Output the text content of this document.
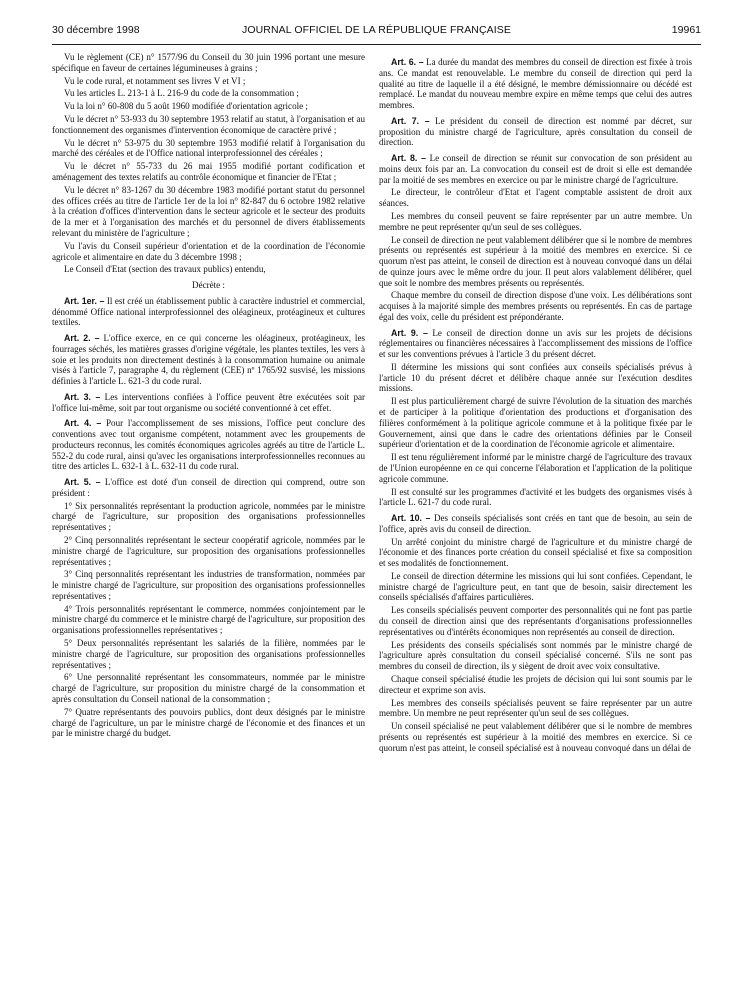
30 décembre 1998	JOURNAL OFFICIEL DE LA RÉPUBLIQUE FRANÇAISE	19961

Vu le règlement (CE) n° 1577/96 du Conseil du 30 juin 1996 portant une mesure spécifique en faveur de certaines légumineuses à grains ;

Vu le code rural, et notamment ses livres V et VI ;

Vu les articles L. 213-1 à L. 216-9 du code de la consommation ;

Vu la loi n° 60-808 du 5 août 1960 modifiée d'orientation agricole ;

Vu le décret n° 53-933 du 30 septembre 1953 relatif au statut, à l'organisation et au fonctionnement des organismes d'intervention économique de caractère privé ;

Vu le décret n° 53-975 du 30 septembre 1953 modifié relatif à l'organisation du marché des céréales et de l'Office national interprofessionnel des céréales ;

Vu le décret n° 55-733 du 26 mai 1955 modifié portant codification et aménagement des textes relatifs au contrôle économique et financier de l'Etat ;

Vu le décret n° 83-1267 du 30 décembre 1983 modifié portant statut du personnel des offices créés au titre de l'article 1er de la loi n° 82-847 du 6 octobre 1982 relative à la création d'offices d'intervention dans le secteur agricole et le secteur des produits de la mer et à l'organisation des marchés et du personnel de divers établissements relevant du ministère de l'agriculture ;

Vu l'avis du Conseil supérieur d'orientation et de la coordination de l'économie agricole et alimentaire en date du 3 décembre 1998 ;

Le Conseil d'Etat (section des travaux publics) entendu,

Décrète :

Art. 1er. – Il est créé un établissement public à caractère industriel et commercial, dénommé Office national interprofessionnel des oléagineux, protéagineux et cultures textiles.

Art. 2. – L'office exerce, en ce qui concerne les oléagineux, protéagineux, les fourrages séchés, les matières grasses d'origine végétale, les plantes textiles, les vers à soie et les produits non directement destinés à la consommation humaine ou animale visés à l'article 7, paragraphe 4, du règlement (CEE) nº 1765/92 susvisé, les missions définies à l'article L. 621-3 du code rural.

Art. 3. – Les interventions confiées à l'office peuvent être exécutées soit par l'office lui-même, soit par tout organisme ou société conventionné à cet effet.

Art. 4. – Pour l'accomplissement de ses missions, l'office peut conclure des conventions avec tout organisme compétent, notamment avec les groupements de producteurs reconnus, les comités économiques agricoles agréés au titre de l'article L. 552-2 du code rural, ainsi qu'avec les organisations interprofessionnelles reconnues au titre des articles L. 632-1 à L. 632-11 du code rural.

Art. 5. – L'office est doté d'un conseil de direction qui comprend, outre son président :

1° Six personnalités représentant la production agricole, nommées par le ministre chargé de l'agriculture, sur proposition des organisations professionnelles représentatives ;

2° Cinq personnalités représentant le secteur coopératif agricole, nommées par le ministre chargé de l'agriculture, sur proposition des organisations professionnelles représentatives ;

3° Cinq personnalités représentant les industries de transformation, nommées par le ministre chargé de l'agriculture, sur proposition des organisations professionnelles représentatives ;

4° Trois personnalités représentant le commerce, nommées conjointement par le ministre chargé du commerce et le ministre chargé de l'agriculture, sur proposition des organisations professionnelles représentatives ;

5° Deux personnalités représentant les salariés de la filière, nommées par le ministre chargé de l'agriculture, sur proposition des organisations professionnelles représentatives ;

6° Une personnalité représentant les consommateurs, nommée par le ministre chargé de l'agriculture, sur proposition du ministre chargé de la consommation et après consultation du Conseil national de la consommation ;

7° Quatre représentants des pouvoirs publics, dont deux désignés par le ministre chargé de l'agriculture, un par le ministre chargé de l'économie et des finances et un par le ministre chargé du budget.

Art. 6. – La durée du mandat des membres du conseil de direction est fixée à trois ans. Ce mandat est renouvelable. Le membre du conseil de direction qui perd la qualité au titre de laquelle il a été désigné, le membre démissionnaire ou décédé est remplacé. Le mandat du nouveau membre expire en même temps que celui des autres membres.

Art. 7. – Le président du conseil de direction est nommé par décret, sur proposition du ministre chargé de l'agriculture, après consultation du conseil de direction.

Art. 8. – Le conseil de direction se réunit sur convocation de son président au moins deux fois par an. La convocation du conseil est de droit si elle est demandée par la moitié de ses membres en exercice ou par le ministre chargé de l'agriculture.

Le directeur, le contrôleur d'Etat et l'agent comptable assistent de droit aux séances.

Les membres du conseil peuvent se faire représenter par un autre membre. Un membre ne peut représenter qu'un seul de ses collègues.

Le conseil de direction ne peut valablement délibérer que si le nombre de membres présents ou représentés est supérieur à la moitié des membres en exercice. Si ce quorum n'est pas atteint, le conseil de direction est à nouveau convoqué dans un délai de quinze jours avec le même ordre du jour. Il peut alors valablement délibérer, quel que soit le nombre des membres présents ou représentés.

Chaque membre du conseil de direction dispose d'une voix. Les délibérations sont acquises à la majorité simple des membres présents ou représentés. En cas de partage égal des voix, celle du président est prépondérante.

Art. 9. – Le conseil de direction donne un avis sur les projets de décisions réglementaires ou financières nécessaires à l'accomplissement des missions de l'office et sur les conventions prévues à l'article 3 du présent décret.

Il détermine les missions qui sont confiées aux conseils spécialisés prévus à l'article 10 du présent décret et délibère chaque année sur l'exécution desdites missions.

Il est plus particulièrement chargé de suivre l'évolution de la situation des marchés et de participer à la politique d'orientation des productions et d'organisation des filières conformément à la politique agricole commune et à la politique fixée par le Gouvernement, ainsi que dans le cadre des orientations définies par le Conseil supérieur d'orientation et de la coordination de l'économie agricole et alimentaire.

Il est tenu régulièrement informé par le ministre chargé de l'agriculture des travaux de l'Union européenne en ce qui concerne l'élaboration et l'application de la politique agricole commune.

Il est consulté sur les programmes d'activité et les budgets des organismes visés à l'article L. 621-7 du code rural.

Art. 10. – Des conseils spécialisés sont créés en tant que de besoin, au sein de l'office, après avis du conseil de direction.

Un arrêté conjoint du ministre chargé de l'agriculture et du ministre chargé de l'économie et des finances porte création du conseil spécialisé et fixe sa composition et ses modalités de fonctionnement.

Le conseil de direction détermine les missions qui lui sont confiées. Cependant, le ministre chargé de l'agriculture peut, en tant que de besoin, saisir directement les conseils spécialisés d'affaires particulières.

Les conseils spécialisés peuvent comporter des personnalités qui ne font pas partie du conseil de direction ainsi que des représentants d'organisations professionnelles représentatives ou d'intérêts économiques non représentés au conseil de direction.

Les présidents des conseils spécialisés sont nommés par le ministre chargé de l'agriculture après consultation du conseil spécialisé concerné. S'ils ne sont pas membres du conseil de direction, ils y siègent de droit avec voix consultative.

Chaque conseil spécialisé étudie les projets de décision qui lui sont soumis par le directeur et exprime son avis.

Les membres des conseils spécialisés peuvent se faire représenter par un autre membre. Un membre ne peut représenter qu'un seul de ses collègues.

Un conseil spécialisé ne peut valablement délibérer que si le nombre de membres présents ou représentés est supérieur à la moitié des membres en exercice. Si ce quorum n'est pas atteint, le conseil spécialisé est à nouveau convoqué dans un délai de
